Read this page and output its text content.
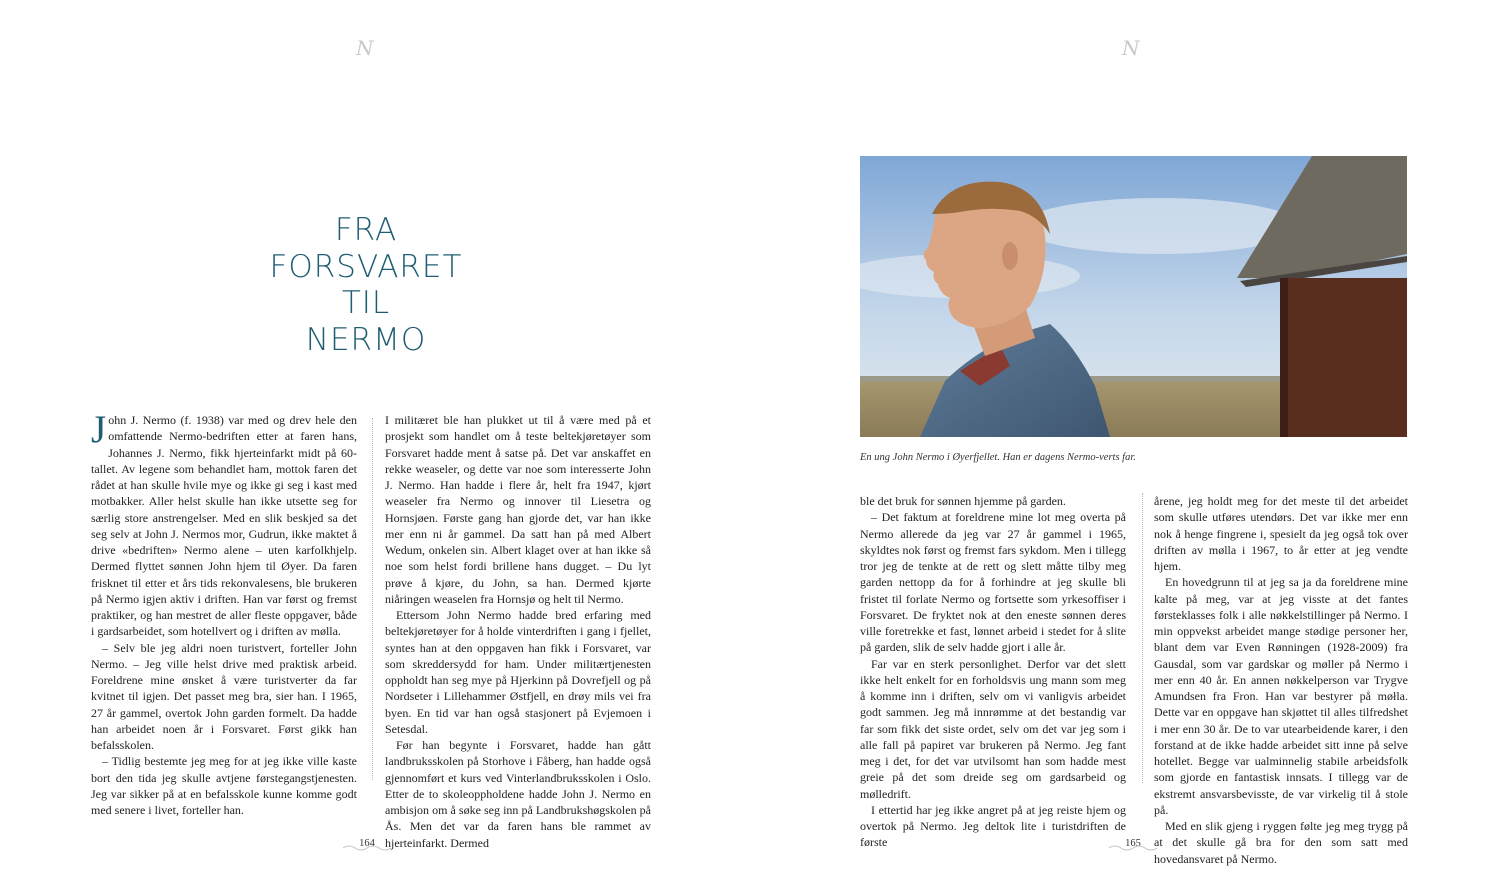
N
FRA
FORSVARET
TIL
NERMO

John J. Nermo (f. 1938) var med og drev hele den omfattende Nermo-bedriften etter at faren hans, Johannes J. Nermo, fikk hjerteinfarkt midt på 60-tallet. Av legene som behandlet ham, mottok faren det rådet at han skulle hvile mye og ikke gi seg i kast med motbakker. Aller helst skulle han ikke utsette seg for særlig store anstrengelser. Med en slik beskjed sa det seg selv at John J. Nermos mor, Gudrun, ikke maktet å drive «bedriften» Nermo alene – uten karfolkhjelp. Dermed flyttet sønnen John hjem til Øyer. Da faren frisknet til etter et års tids rekonvalesens, ble brukeren på Nermo igjen aktiv i driften. Han var først og fremst praktiker, og han mestret de aller fleste oppgaver, både i gardsarbeidet, som hotellvert og i driften av mølla.

– Selv ble jeg aldri noen turistvert, forteller John Nermo. – Jeg ville helst drive med praktisk arbeid. Foreldrene mine ønsket å være turistverter da far kvitnet til igjen. Det passet meg bra, sier han. I 1965, 27 år gammel, overtok John garden formelt. Da hadde han arbeidet noen år i Forsvaret. Først gikk han befalsskolen.

– Tidlig bestemte jeg meg for at jeg ikke ville kaste bort den tida jeg skulle avtjene førstegangstjenesten. Jeg var sikker på at en befalsskole kunne komme godt med senere i livet, forteller han.

I militæret ble han plukket ut til å være med på et prosjekt som handlet om å teste beltekjøretøyer som Forsvaret hadde ment å satse på. Det var anskaffet en rekke weaseler, og dette var noe som interesserte John J. Nermo. Han hadde i flere år, helt fra 1947, kjørt weaseler fra Nermo og innover til Liesetra og Hornsjøen. Første gang han gjorde det, var han ikke mer enn ni år gammel. Da satt han på med Albert Wedum, onkelen sin. Albert klaget over at han ikke så noe som helst fordi brillene hans dugget. – Du lyt prøve å kjøre, du John, sa han. Dermed kjørte niåringen weaselen fra Hornsjø og helt til Nermo.

Ettersom John Nermo hadde bred erfaring med beltekjøretøyer for å holde vinterdriften i gang i fjellet, syntes han at den oppgaven han fikk i Forsvaret, var som skreddersydd for ham. Under militærtjenesten oppholdt han seg mye på Hjerkinn på Dovrefjell og på Nordseter i Lillehammer Østfjell, en drøy mils vei fra byen. En tid var han også stasjonert på Evjemoen i Setesdal.

Før han begynte i Forsvaret, hadde han gått landbruksskolen på Storhove i Fåberg, han hadde også gjennomført et kurs ved Vinterlandbruksskolen i Oslo. Etter de to skoleoppholdene hadde John J. Nermo en ambisjon om å søke seg inn på Landbrukshøgskolen på Ås. Men det var da faren hans ble rammet av hjerteinfarkt. Dermed

164
N
En ung John Nermo i Øyerfjellet. Han er dagens Nermo-verts far.

ble det bruk for sønnen hjemme på garden.

– Det faktum at foreldrene mine lot meg overta på Nermo allerede da jeg var 27 år gammel i 1965, skyldtes nok først og fremst fars sykdom. Men i tillegg tror jeg de tenkte at de rett og slett måtte tilby meg garden nettopp da for å forhindre at jeg skulle bli fristet til forlate Nermo og fortsette som yrkesoffiser i Forsvaret. De fryktet nok at den eneste sønnen deres ville foretrekke et fast, lønnet arbeid i stedet for å slite på garden, slik de selv hadde gjort i alle år.

Far var en sterk personlighet. Derfor var det slett ikke helt enkelt for en forholdsvis ung mann som meg å komme inn i driften, selv om vi vanligvis arbeidet godt sammen. Jeg må innrømme at det bestandig var far som fikk det siste ordet, selv om det var jeg som i alle fall på papiret var brukeren på Nermo. Jeg fant meg i det, for det var utvilsomt han som hadde mest greie på det som dreide seg om gardsarbeid og mølledrift.

I ettertid har jeg ikke angret på at jeg reiste hjem og overtok på Nermo. Jeg deltok lite i turistdriften de første

årene, jeg holdt meg for det meste til det arbeidet som skulle utføres utendørs. Det var ikke mer enn nok å henge fingrene i, spesielt da jeg også tok over driften av mølla i 1967, to år etter at jeg vendte hjem.

En hovedgrunn til at jeg sa ja da foreldrene mine kalte på meg, var at jeg visste at det fantes førsteklasses folk i alle nøkkelstillinger på Nermo. I min oppvekst arbeidet mange stødige personer her, blant dem var Even Rønningen (1928-2009) fra Gausdal, som var gardskar og møller på Nermo i mer enn 40 år. En annen nøkkelperson var Trygve Amundsen fra Fron. Han var bestyrer på møłla. Dette var en oppgave han skjøttet til alles tilfredshet i mer enn 30 år. De to var utearbeidende karer, i den forstand at de ikke hadde arbeidet sitt inne på selve hotellet. Begge var ualminnelig stabile arbeidsfolk som gjorde en fantastisk innsats. I tillegg var de ekstremt ansvarsbevisste, de var virkelig til å stole på.

Med en slik gjeng i ryggen følte jeg meg trygg på at det skulle gå bra for den som satt med hovedansvaret på Nermo.

165
